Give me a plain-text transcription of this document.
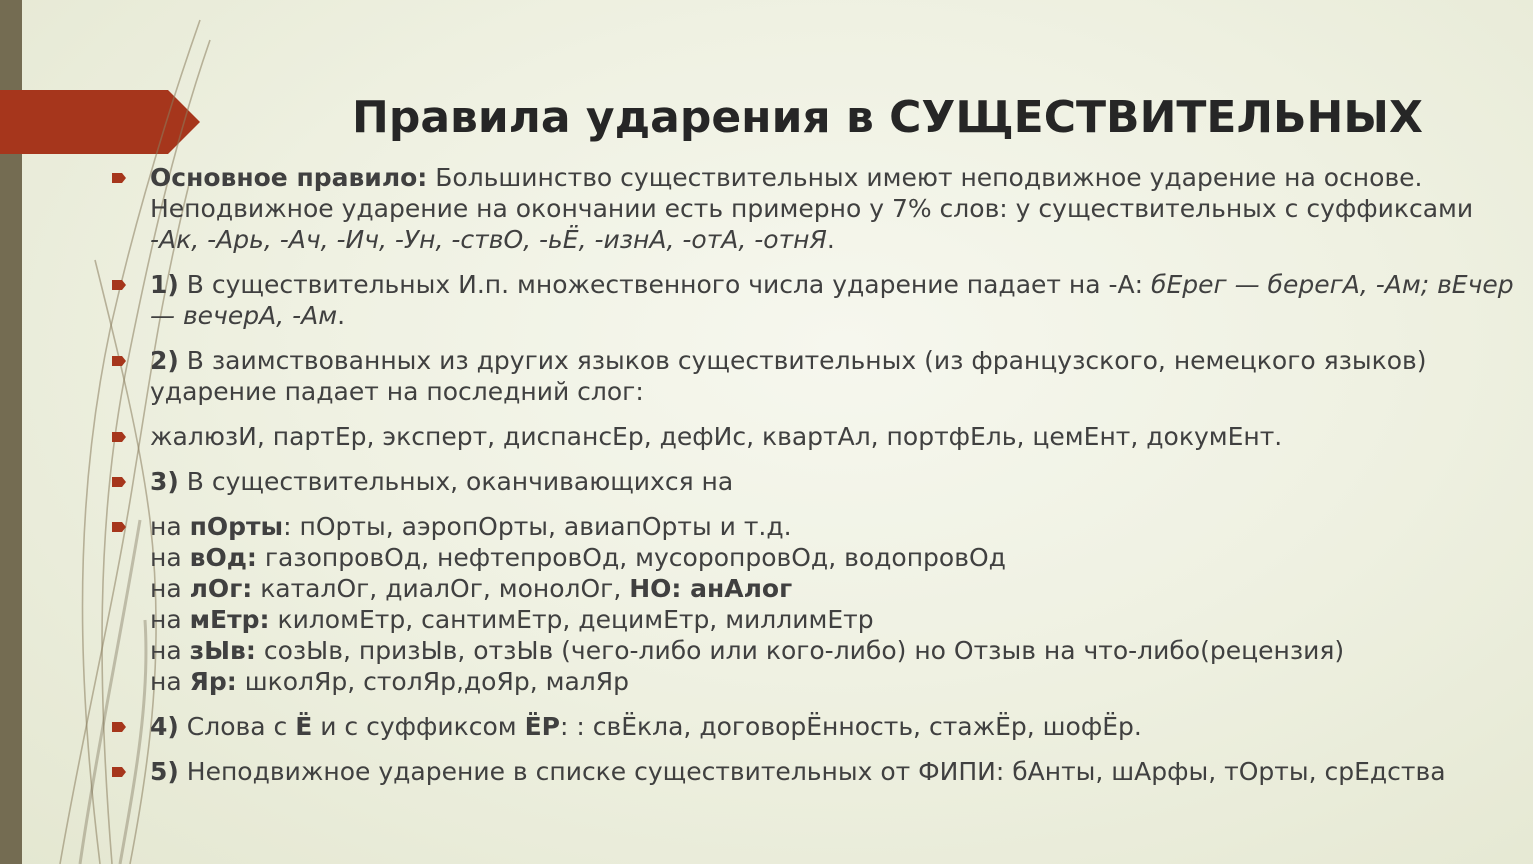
Правила ударения в СУЩЕСТВИТЕЛЬНЫХ
Основное правило: Большинство существительных имеют неподвижное ударение на основе. Неподвижное ударение на окончании есть примерно у 7% слов: у существительных с суффиксами -Ак, -Арь, -Ач, -Ич, -Ун, -ствО, -ьЁ, -изнА, -отА, -отнЯ.
1) В существительных И.п. множественного числа ударение падает на -А: бЕрег — берегА, -Ам; вЕчер — вечерА, -Ам.
2) В заимствованных из других языков существительных (из французского, немецкого языков) ударение падает на последний слог:
жалюзИ, партЕр, эксперт, диспансЕр, дефИс, квартАл, портфЕль, цемЕнт, докумЕнт.
3) В существительных, оканчивающихся на
на пОрты: пОрты, аэропОрты, авиапОрты и т.д.
на вОд: газопровОд, нефтепровОд, мусоропровОд, водопровОд
на лОг: каталОг, диалОг, монолОг, НО: анАлог
на мЕтр: киломЕтр, сантимЕтр, децимЕтр, миллимЕтр
на зЫв: созЫв, призЫв, отзЫв (чего-либо или кого-либо) но Отзыв на что-либо(рецензия)
на Яр: школЯр, столЯр,доЯр, малЯр
4) Слова с Ё и с суффиксом ЁР: : свЁкла, договорЁнность, стажЁр, шофЁр.
5) Неподвижное ударение в списке существительных от ФИПИ: бАнты, шАрфы, тОрты, срЕдства
